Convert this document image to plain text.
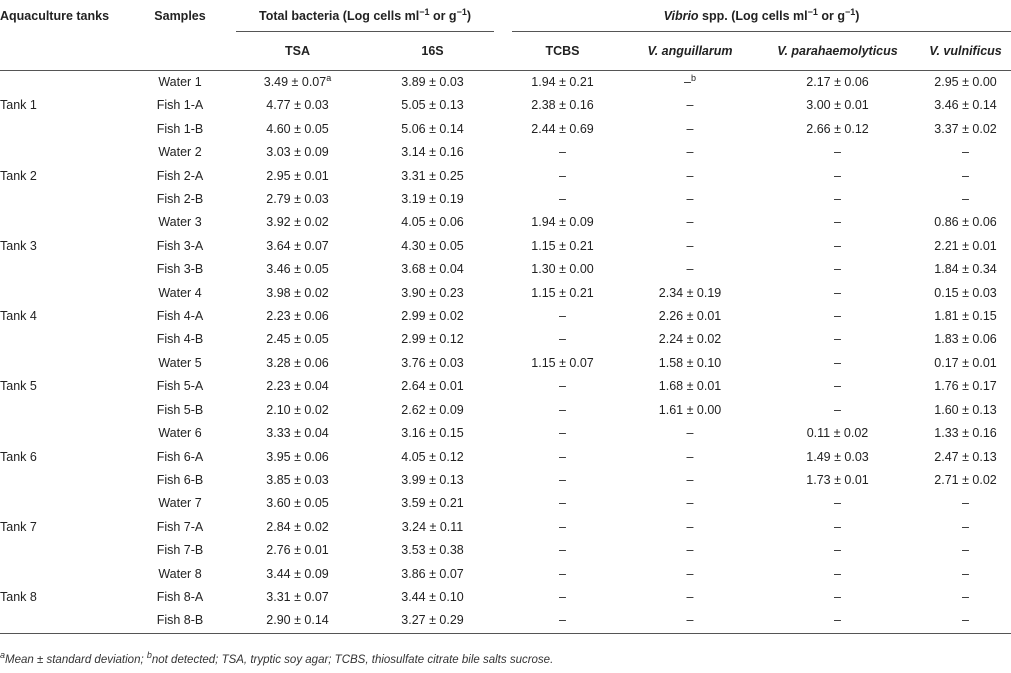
Aquaculture tanks	Samples	Total bacteria (Log cells $ml^{-1}$ or $g^{-1}$)		Vibrio spp. (Log cells $ml^{-1}$ or $g^{-1}$)			

		TSA	16S	TCBS	V. anguillarum	V. parahaemolyticus	V. vulnificus
Tank 1	Water 1	3.49 ± 0.07$^a$	3.89 ± 0.03	1.94 ± 0.21	–$^b$	2.17 ± 0.06	2.95 ± 0.00
	Fish 1-A	4.77 ± 0.03	5.05 ± 0.13	2.38 ± 0.16	–	3.00 ± 0.01	3.46 ± 0.14
	Fish 1-B	4.60 ± 0.05	5.06 ± 0.14	2.44 ± 0.69	–	2.66 ± 0.12	3.37 ± 0.02
Tank 2	Water 2	3.03 ± 0.09	3.14 ± 0.16	–	–	–	–
	Fish 2-A	2.95 ± 0.01	3.31 ± 0.25	–	–	–	–
	Fish 2-B	2.79 ± 0.03	3.19 ± 0.19	–	–	–	–
Tank 3	Water 3	3.92 ± 0.02	4.05 ± 0.06	1.94 ± 0.09	–	–	0.86 ± 0.06
	Fish 3-A	3.64 ± 0.07	4.30 ± 0.05	1.15 ± 0.21	–	–	2.21 ± 0.01
	Fish 3-B	3.46 ± 0.05	3.68 ± 0.04	1.30 ± 0.00	–	–	1.84 ± 0.34
Tank 4	Water 4	3.98 ± 0.02	3.90 ± 0.23	1.15 ± 0.21	2.34 ± 0.19	–	0.15 ± 0.03
	Fish 4-A	2.23 ± 0.06	2.99 ± 0.02	–	2.26 ± 0.01	–	1.81 ± 0.15
	Fish 4-B	2.45 ± 0.05	2.99 ± 0.12	–	2.24 ± 0.02	–	1.83 ± 0.06
Tank 5	Water 5	3.28 ± 0.06	3.76 ± 0.03	1.15 ± 0.07	1.58 ± 0.10	–	0.17 ± 0.01
	Fish 5-A	2.23 ± 0.04	2.64 ± 0.01	–	1.68 ± 0.01	–	1.76 ± 0.17
	Fish 5-B	2.10 ± 0.02	2.62 ± 0.09	–	1.61 ± 0.00	–	1.60 ± 0.13
Tank 6	Water 6	3.33 ± 0.04	3.16 ± 0.15	–	–	0.11 ± 0.02	1.33 ± 0.16
	Fish 6-A	3.95 ± 0.06	4.05 ± 0.12	–	–	1.49 ± 0.03	2.47 ± 0.13
	Fish 6-B	3.85 ± 0.03	3.99 ± 0.13	–	–	1.73 ± 0.01	2.71 ± 0.02
Tank 7	Water 7	3.60 ± 0.05	3.59 ± 0.21	–	–	–	–
	Fish 7-A	2.84 ± 0.02	3.24 ± 0.11	–	–	–	–
	Fish 7-B	2.76 ± 0.01	3.53 ± 0.38	–	–	–	–
Tank 8	Water 8	3.44 ± 0.09	3.86 ± 0.07	–	–	–	–
	Fish 8-A	3.31 ± 0.07	3.44 ± 0.10	–	–	–	–
	Fish 8-B	2.90 ± 0.14	3.27 ± 0.29	–	–	–	–
$^a$Mean ± standard deviation; $^b$not detected; TSA, tryptic soy agar; TCBS, thiosulfate citrate bile salts sucrose.
